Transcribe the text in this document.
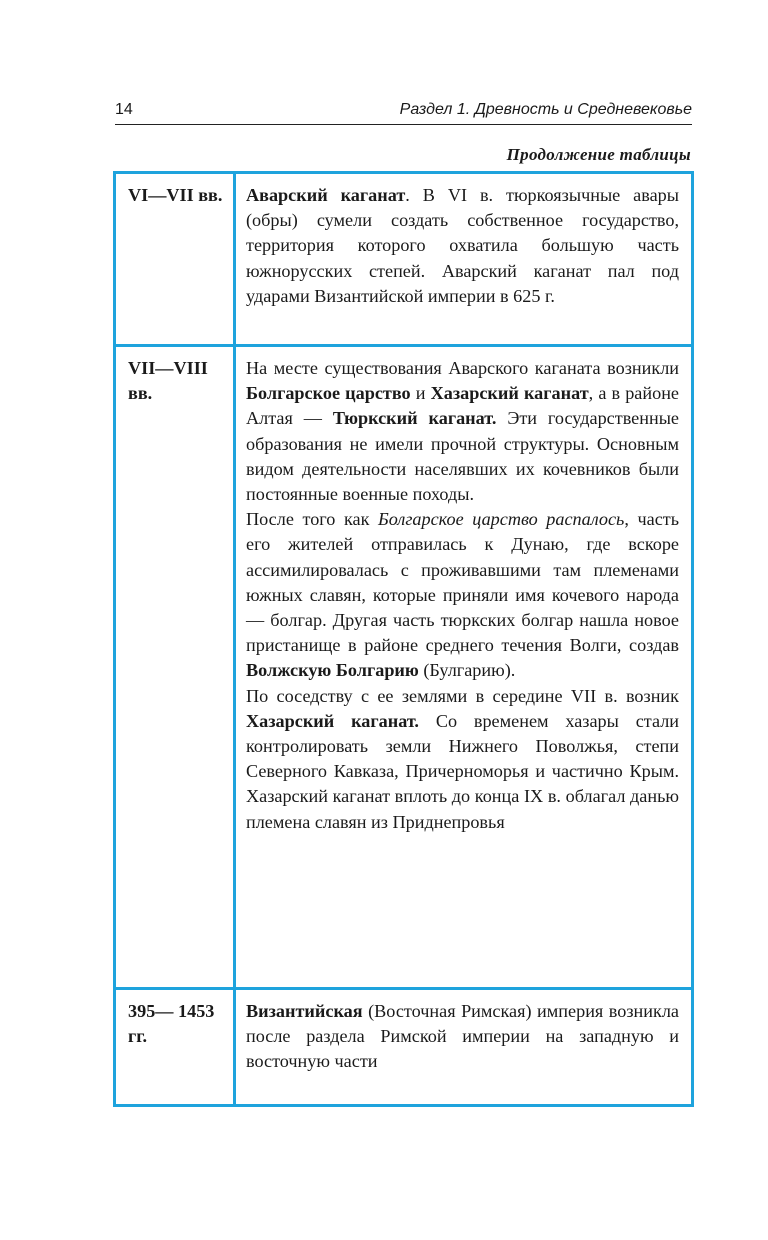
14	Раздел 1. Древность и Средневековье
Продолжение таблицы
VI—VII вв.	Аварский каганат. В VI в. тюркоязычные авары (обры) сумели создать собственное государство, территория которого охватила большую часть южнорусских степей. Аварский каганат пал под ударами Византийской империи в 625 г.

VII—VIII вв.	На месте существования Аварского каганата возникли Болгарское царство и Хазарский каганат, а в районе Алтая — Тюркский каганат. Эти государственные образования не имели прочной структуры. Основным видом деятельности населявших их кочевников были постоянные военные походы.

После того как Болгарское царство распалось, часть его жителей отправилась к Дунаю, где вскоре ассимилировалась с проживавшими там племенами южных славян, которые приняли имя кочевого народа — болгар. Другая часть тюркских болгар нашла новое пристанище в районе среднего течения Волги, создав Волжскую Болгарию (Булгарию).

По соседству с ее землями в середине VII в. возник Хазарский каганат. Со временем хазары стали контролировать земли Нижнего Поволжья, степи Северного Кавказа, Причерноморья и частично Крым. Хазарский каганат вплоть до конца IX в. облагал данью племена славян из Приднепровья

395— 1453 гг.	Византийская (Восточная Римская) империя возникла после раздела Римской империи на западную и восточную части
